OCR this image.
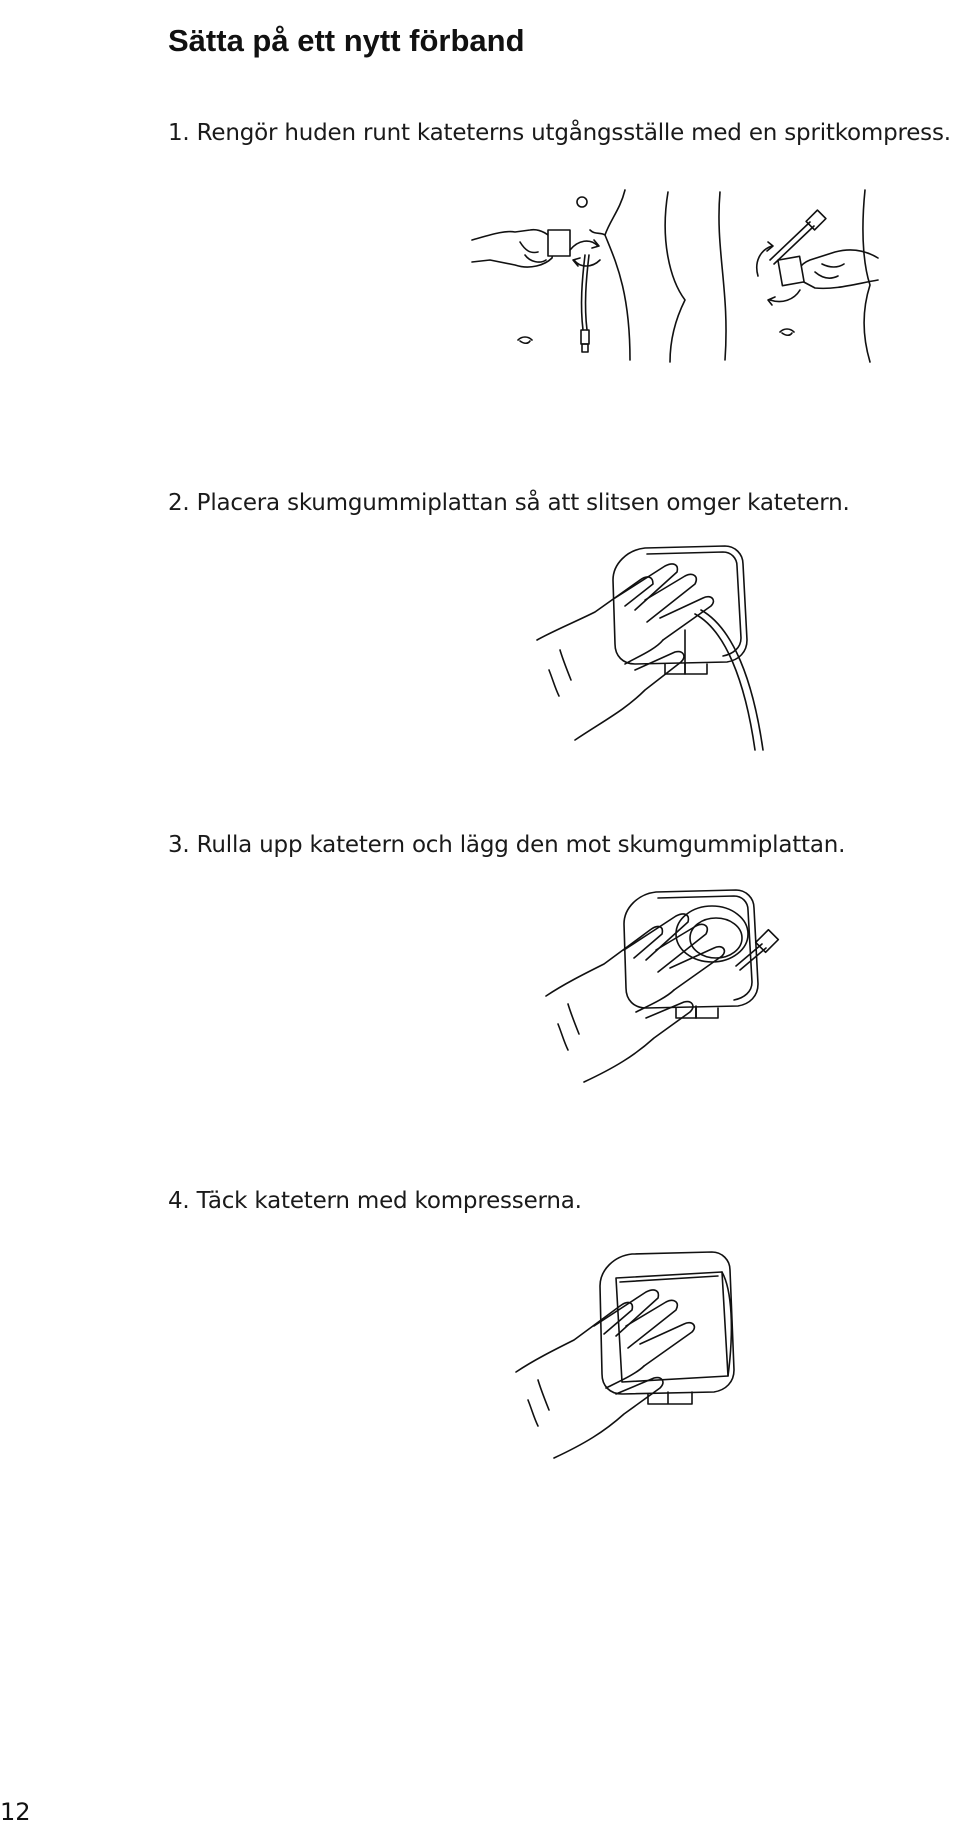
Sätta på ett nytt förband
1. Rengör huden runt kateterns utgångsställe med en spritkompress.
2. Placera skumgummiplattan så att slitsen omger katetern.
3. Rulla upp katetern och lägg den mot skumgummiplattan.
4. Täck katetern med kompresserna.
12
